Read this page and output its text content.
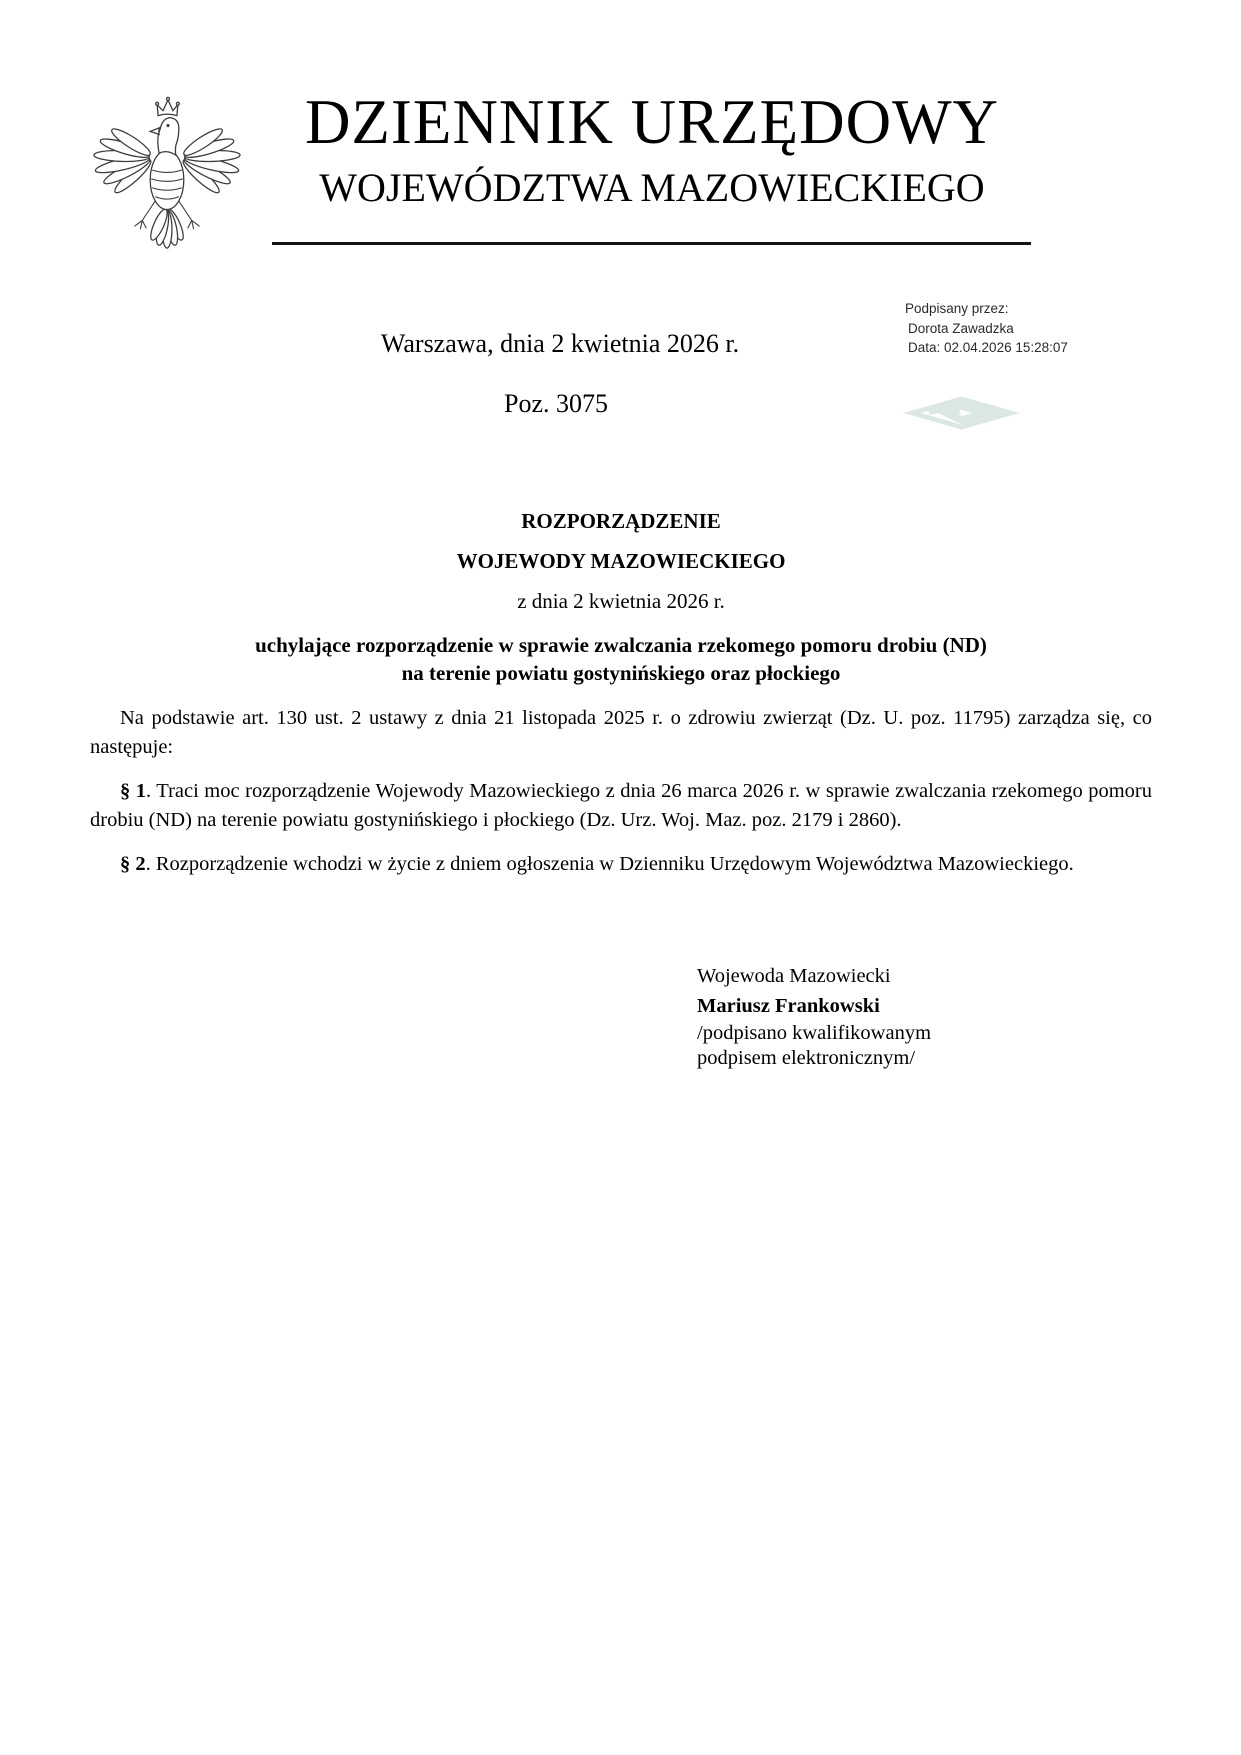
DZIENNIK URZĘDOWY
WOJEWÓDZTWA MAZOWIECKIEGO
Warszawa, dnia 2 kwietnia 2026 r.
Poz. 3075
Podpisany przez:
Dorota Zawadzka
Data: 02.04.2026 15:28:07
ROZPORZĄDZENIE
WOJEWODY MAZOWIECKIEGO
z dnia 2 kwietnia 2026 r.
uchylające rozporządzenie w sprawie zwalczania rzekomego pomoru drobiu (ND)
na terenie powiatu gostynińskiego oraz płockiego

Na podstawie art. 130 ust. 2 ustawy z dnia 21 listopada 2025 r. o zdrowiu zwierząt (Dz. U. poz. 11795) zarządza się, co następuje:

§ 1. Traci moc rozporządzenie Wojewody Mazowieckiego z dnia 26 marca 2026 r. w sprawie zwalczania rzekomego pomoru drobiu (ND) na terenie powiatu gostynińskiego i płockiego (Dz. Urz. Woj. Maz. poz. 2179 i 2860).

§ 2. Rozporządzenie wchodzi w życie z dniem ogłoszenia w Dzienniku Urzędowym Województwa Mazowieckiego.

Wojewoda Mazowiecki
Mariusz Frankowski
/podpisano kwalifikowanym
podpisem elektronicznym/
